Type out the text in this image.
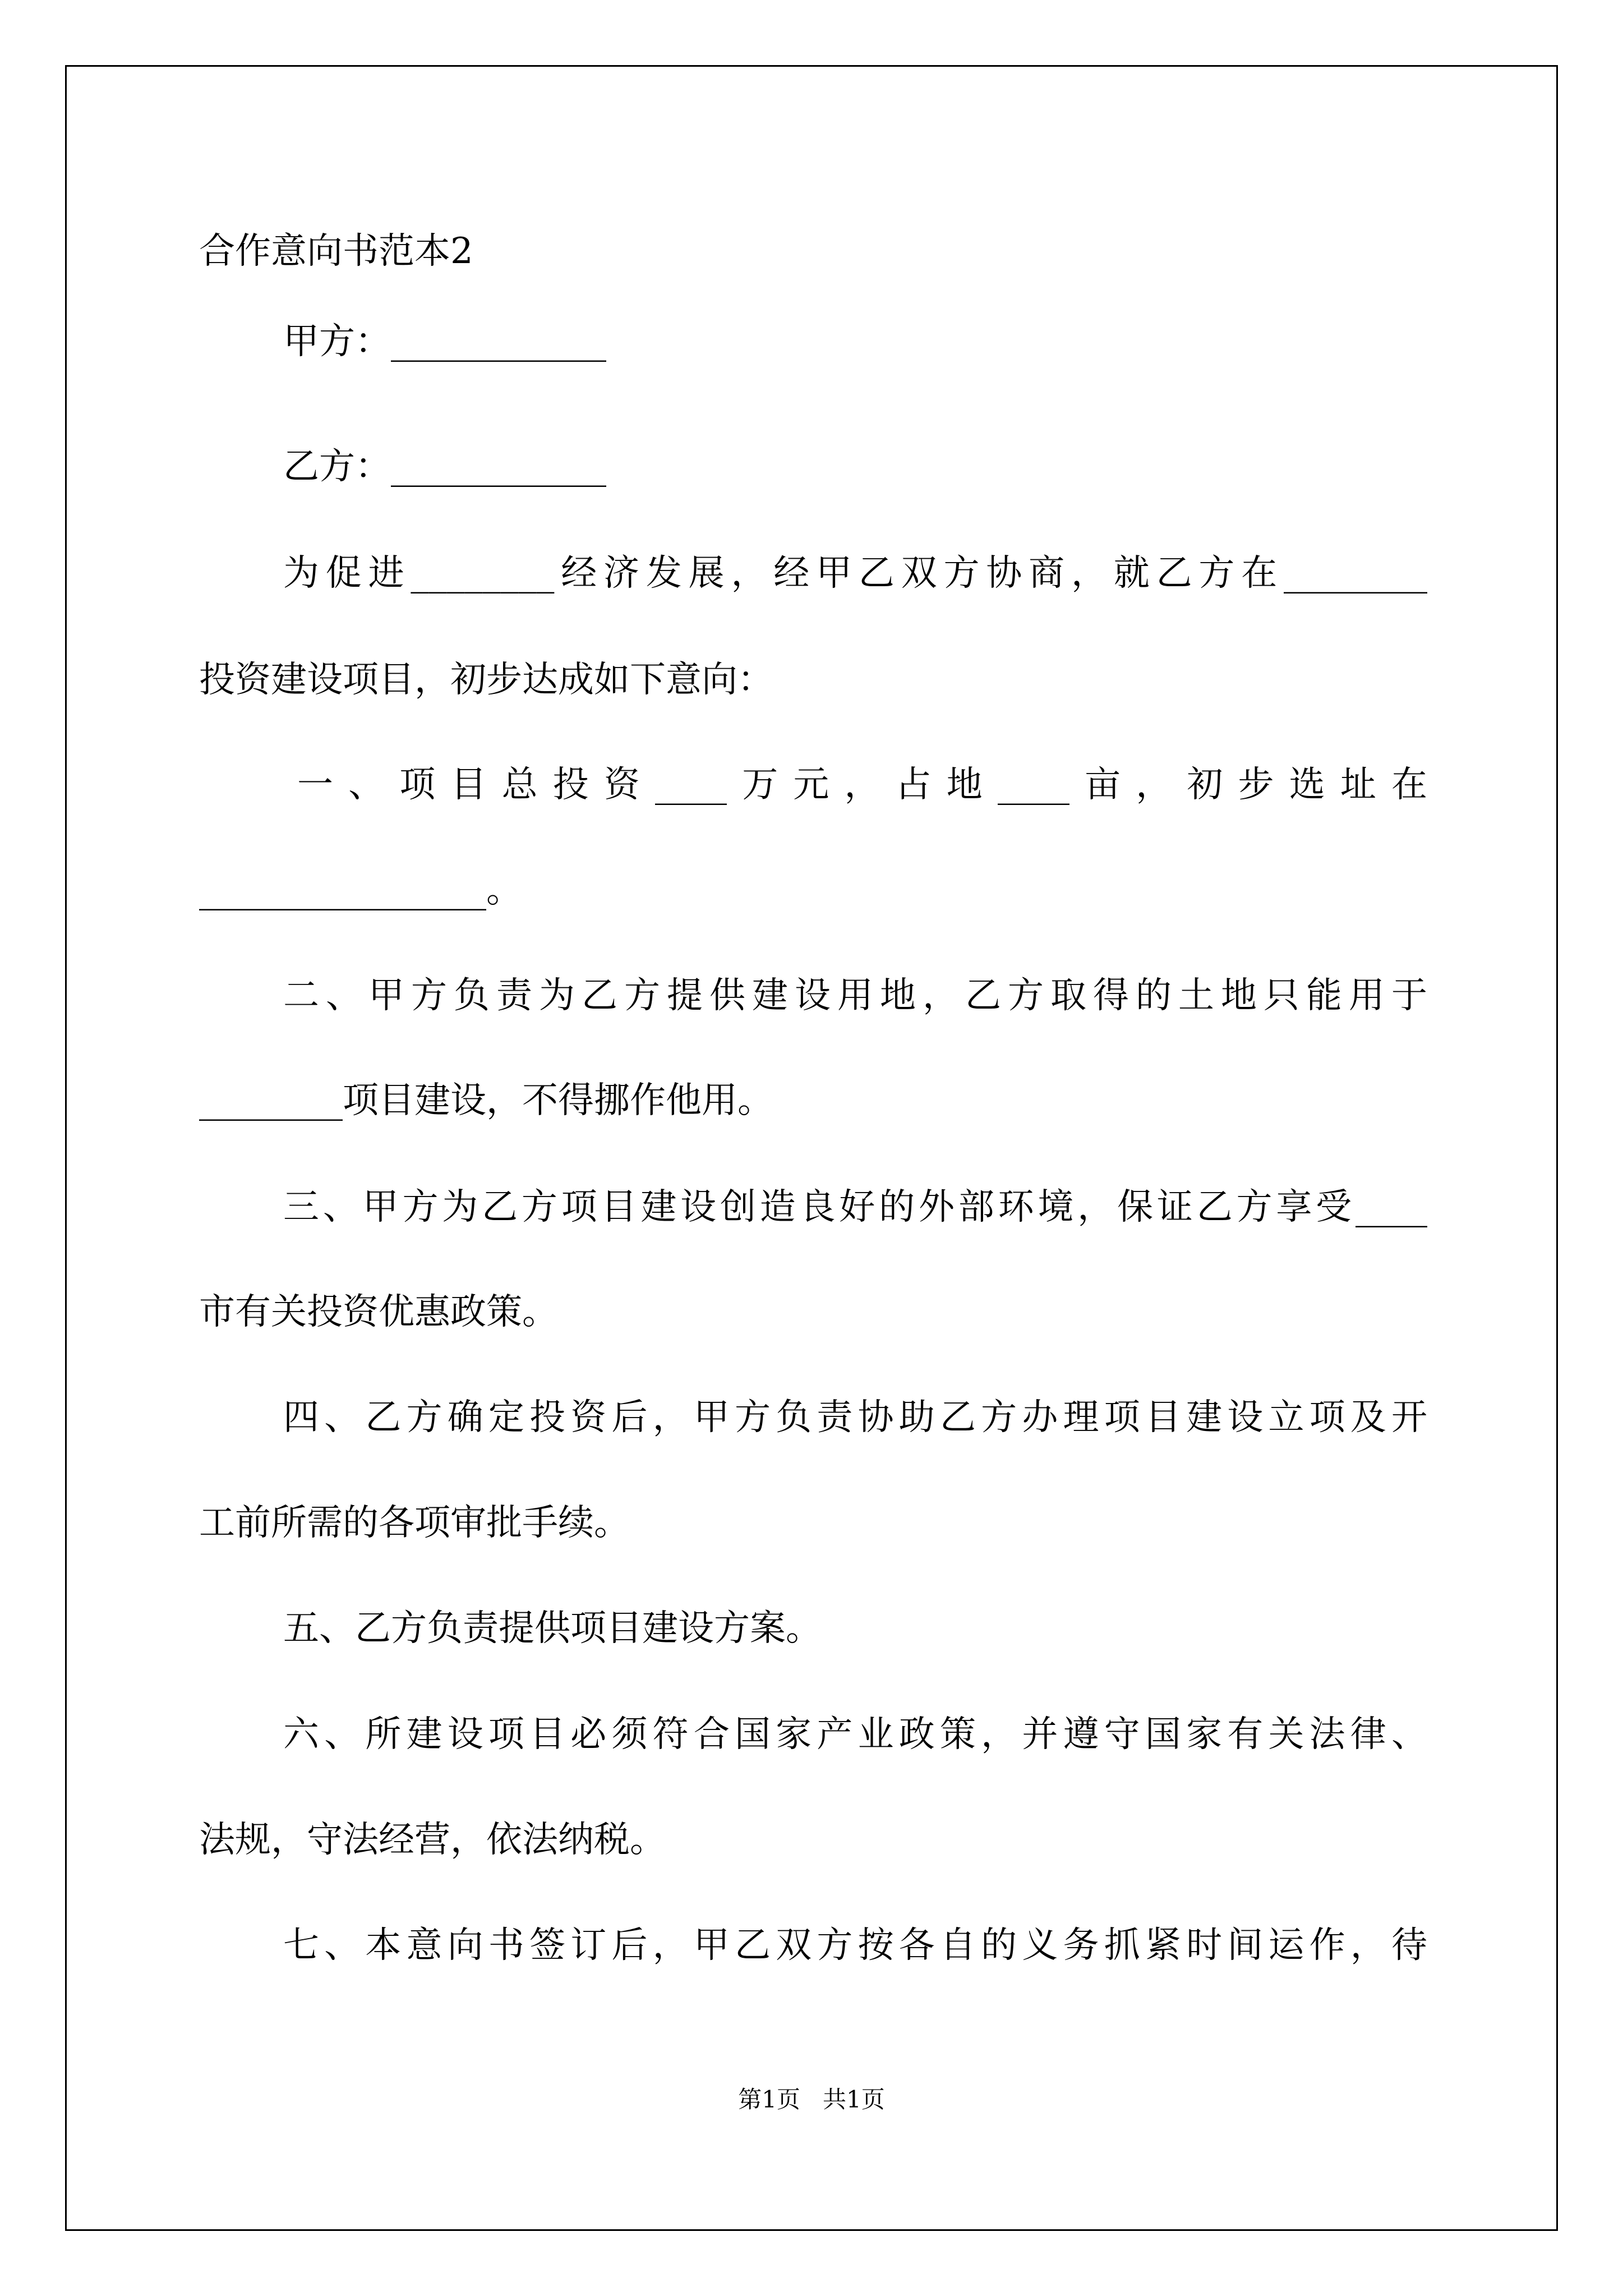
合作意向书范本2
甲方：____________
乙方：____________
为促进________经济发展，经甲乙双方协商，就乙方在________
投资建设项目，初步达成如下意向：
一、项目总投资____万元，占地____亩，初步选址在
________________。
二、甲方负责为乙方提供建设用地，乙方取得的土地只能用于
________项目建设，不得挪作他用。
三、甲方为乙方项目建设创造良好的外部环境，保证乙方享受____
市有关投资优惠政策。
四、乙方确定投资后，甲方负责协助乙方办理项目建设立项及开
工前所需的各项审批手续。
五、乙方负责提供项目建设方案。
六、所建设项目必须符合国家产业政策，并遵守国家有关法律、
法规，守法经营，依法纳税。
七、本意向书签订后，甲乙双方按各自的义务抓紧时间运作，待
第1页   共1页
